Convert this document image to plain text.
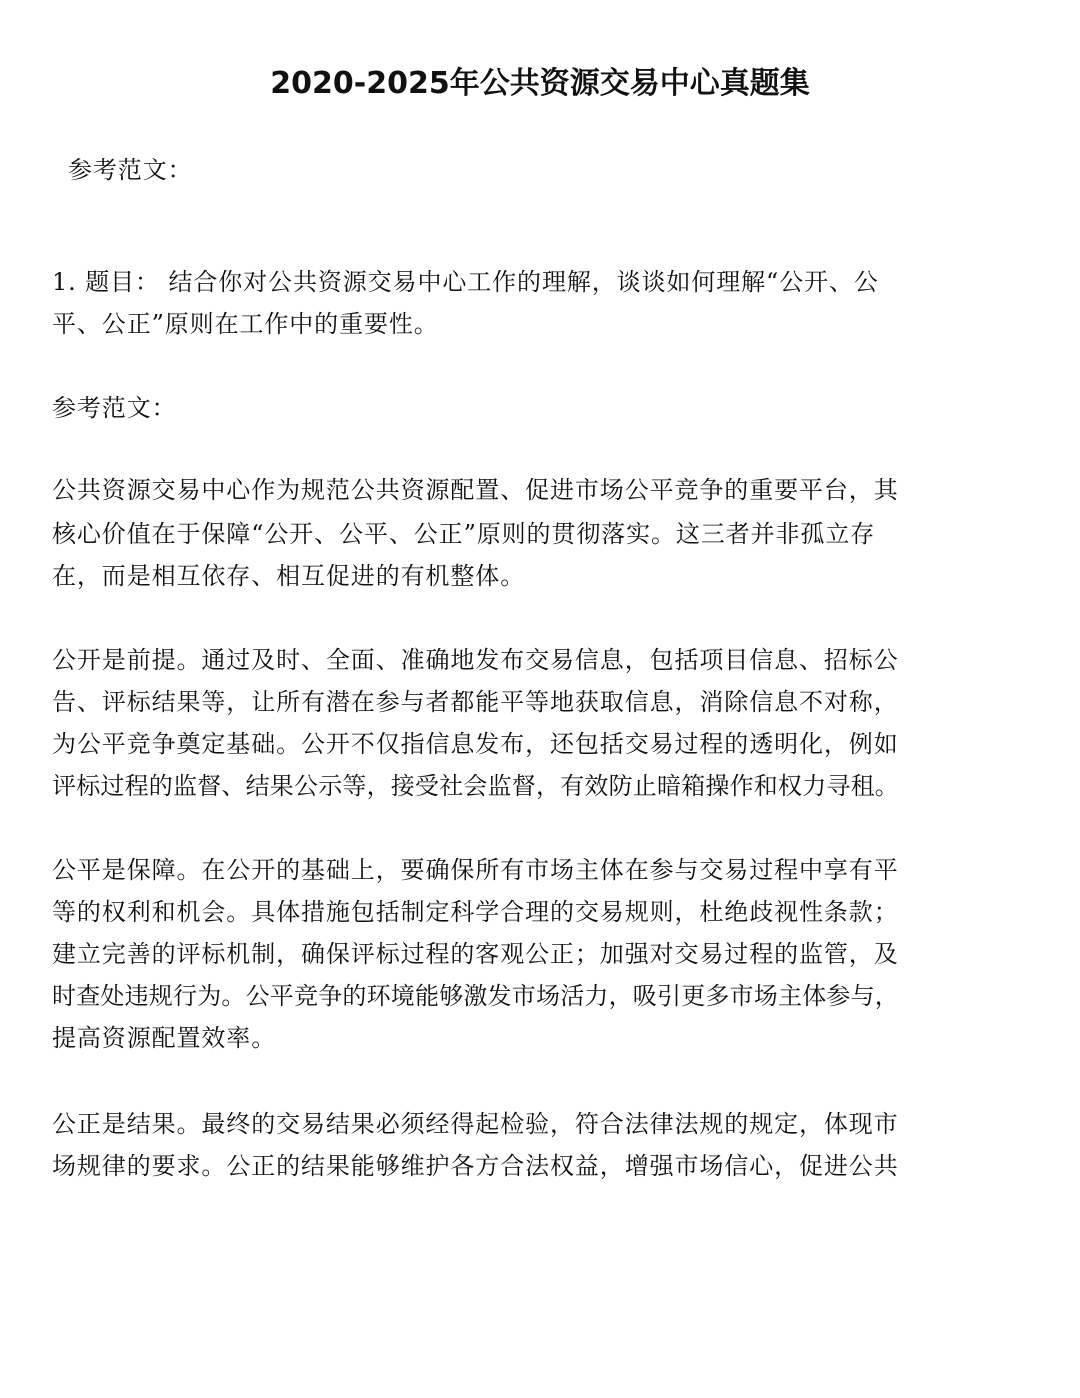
2020-2025年公共资源交易中心真题集

参考范文：

1. 题目： 结合你对公共资源交易中心工作的理解，谈谈如何理解“公开、公

平、公正”原则在工作中的重要性。

参考范文：

公共资源交易中心作为规范公共资源配置、促进市场公平竞争的重要平台，其

核心价值在于保障“公开、公平、公正”原则的贯彻落实。这三者并非孤立存

在，而是相互依存、相互促进的有机整体。

公开是前提。通过及时、全面、准确地发布交易信息，包括项目信息、招标公

告、评标结果等，让所有潜在参与者都能平等地获取信息，消除信息不对称，

为公平竞争奠定基础。公开不仅指信息发布，还包括交易过程的透明化，例如

评标过程的监督、结果公示等，接受社会监督，有效防止暗箱操作和权力寻租。

公平是保障。在公开的基础上，要确保所有市场主体在参与交易过程中享有平

等的权利和机会。具体措施包括制定科学合理的交易规则，杜绝歧视性条款；

建立完善的评标机制，确保评标过程的客观公正；加强对交易过程的监管，及

时查处违规行为。公平竞争的环境能够激发市场活力，吸引更多市场主体参与，

提高资源配置效率。

公正是结果。最终的交易结果必须经得起检验，符合法律法规的规定，体现市

场规律的要求。公正的结果能够维护各方合法权益，增强市场信心，促进公共
